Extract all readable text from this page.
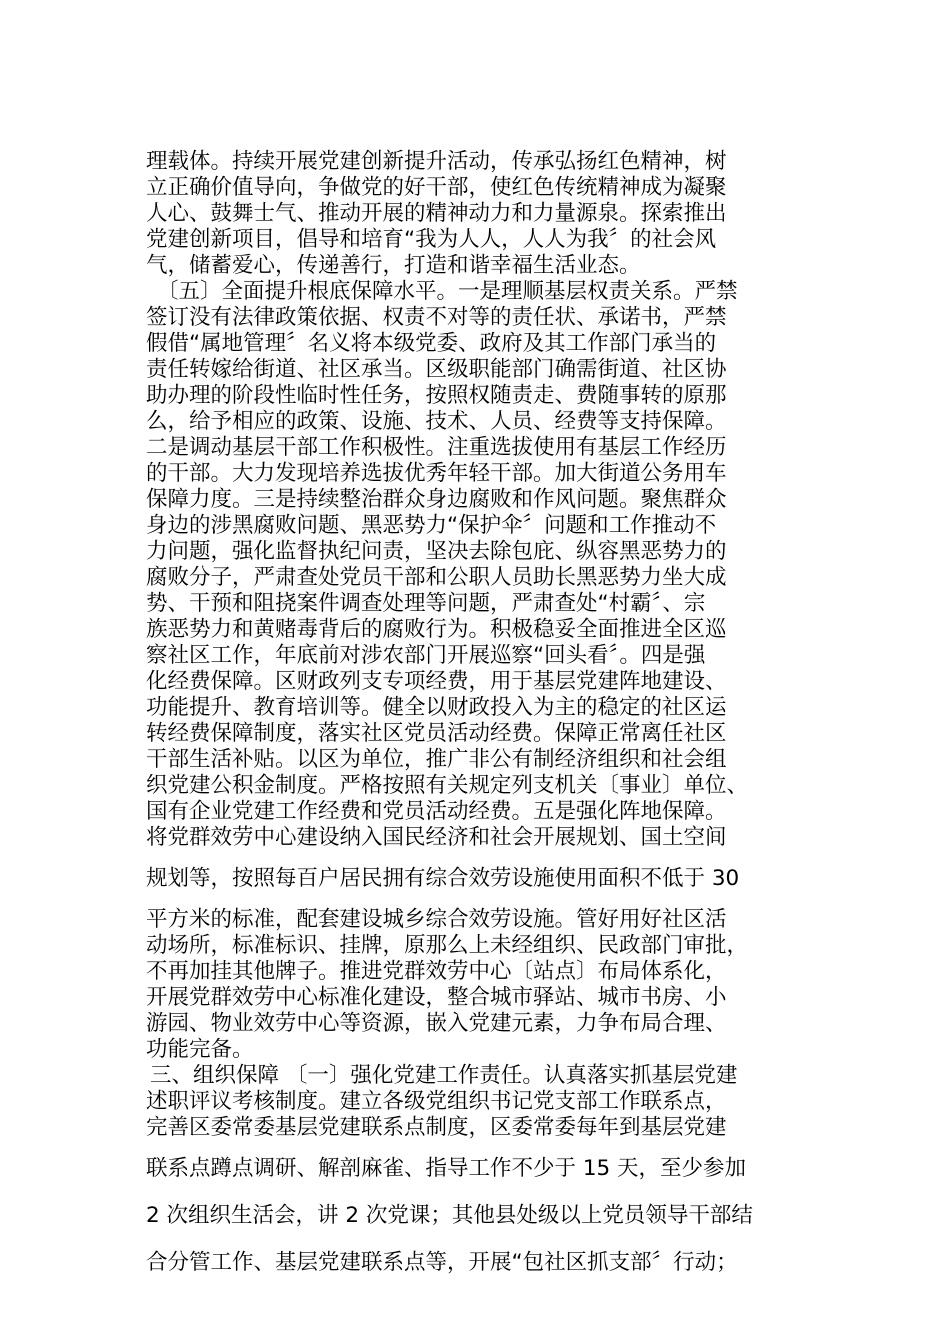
理载体。持续开展党建创新提升活动，传承弘扬红色精神，树
立正确价值导向，争做党的好干部，使红色传统精神成为凝聚
人心、鼓舞士气、推动开展的精神动力和力量源泉。探索推出
党建创新项目，倡导和培育“我为人人，人人为我〞的社会风
气，储蓄爱心，传递善行，打造和谐幸福生活业态。
〔五〕全面提升根底保障水平。一是理顺基层权责关系。严禁
签订没有法律政策依据、权责不对等的责任状、承诺书，严禁
假借“属地管理〞名义将本级党委、政府及其工作部门承当的
责任转嫁给街道、社区承当。区级职能部门确需街道、社区协
助办理的阶段性临时性任务，按照权随责走、费随事转的原那
么，给予相应的政策、设施、技术、人员、经费等支持保障。
二是调动基层干部工作积极性。注重选拔使用有基层工作经历
的干部。大力发现培养选拔优秀年轻干部。加大街道公务用车
保障力度。三是持续整治群众身边腐败和作风问题。聚焦群众
身边的涉黑腐败问题、黑恶势力“保护伞〞问题和工作推动不
力问题，强化监督执纪问责，坚决去除包庇、纵容黑恶势力的
腐败分子，严肃查处党员干部和公职人员助长黑恶势力坐大成
势、干预和阻挠案件调查处理等问题，严肃查处“村霸〞、宗
族恶势力和黄赌毒背后的腐败行为。积极稳妥全面推进全区巡
察社区工作，年底前对涉农部门开展巡察“回头看〞。四是强
化经费保障。区财政列支专项经费，用于基层党建阵地建设、
功能提升、教育培训等。健全以财政投入为主的稳定的社区运
转经费保障制度，落实社区党员活动经费。保障正常离任社区
干部生活补贴。以区为单位，推广非公有制经济组织和社会组
织党建公积金制度。严格按照有关规定列支机关〔事业〕单位、
国有企业党建工作经费和党员活动经费。五是强化阵地保障。
将党群效劳中心建设纳入国民经济和社会开展规划、国土空间
规划等，按照每百户居民拥有综合效劳设施使用面积不低于 30
平方米的标准，配套建设城乡综合效劳设施。管好用好社区活
动场所，标准标识、挂牌，原那么上未经组织、民政部门审批，
不再加挂其他牌子。推进党群效劳中心〔站点〕布局体系化，
开展党群效劳中心标准化建设，整合城市驿站、城市书房、小
游园、物业效劳中心等资源，嵌入党建元素，力争布局合理、
功能完备。
三、组织保障 〔一〕强化党建工作责任。认真落实抓基层党建
述职评议考核制度。建立各级党组织书记党支部工作联系点，
完善区委常委基层党建联系点制度，区委常委每年到基层党建
联系点蹲点调研、解剖麻雀、指导工作不少于 15 天，至少参加
2 次组织生活会，讲 2 次党课；其他县处级以上党员领导干部结
合分管工作、基层党建联系点等，开展“包社区抓支部〞行动；
